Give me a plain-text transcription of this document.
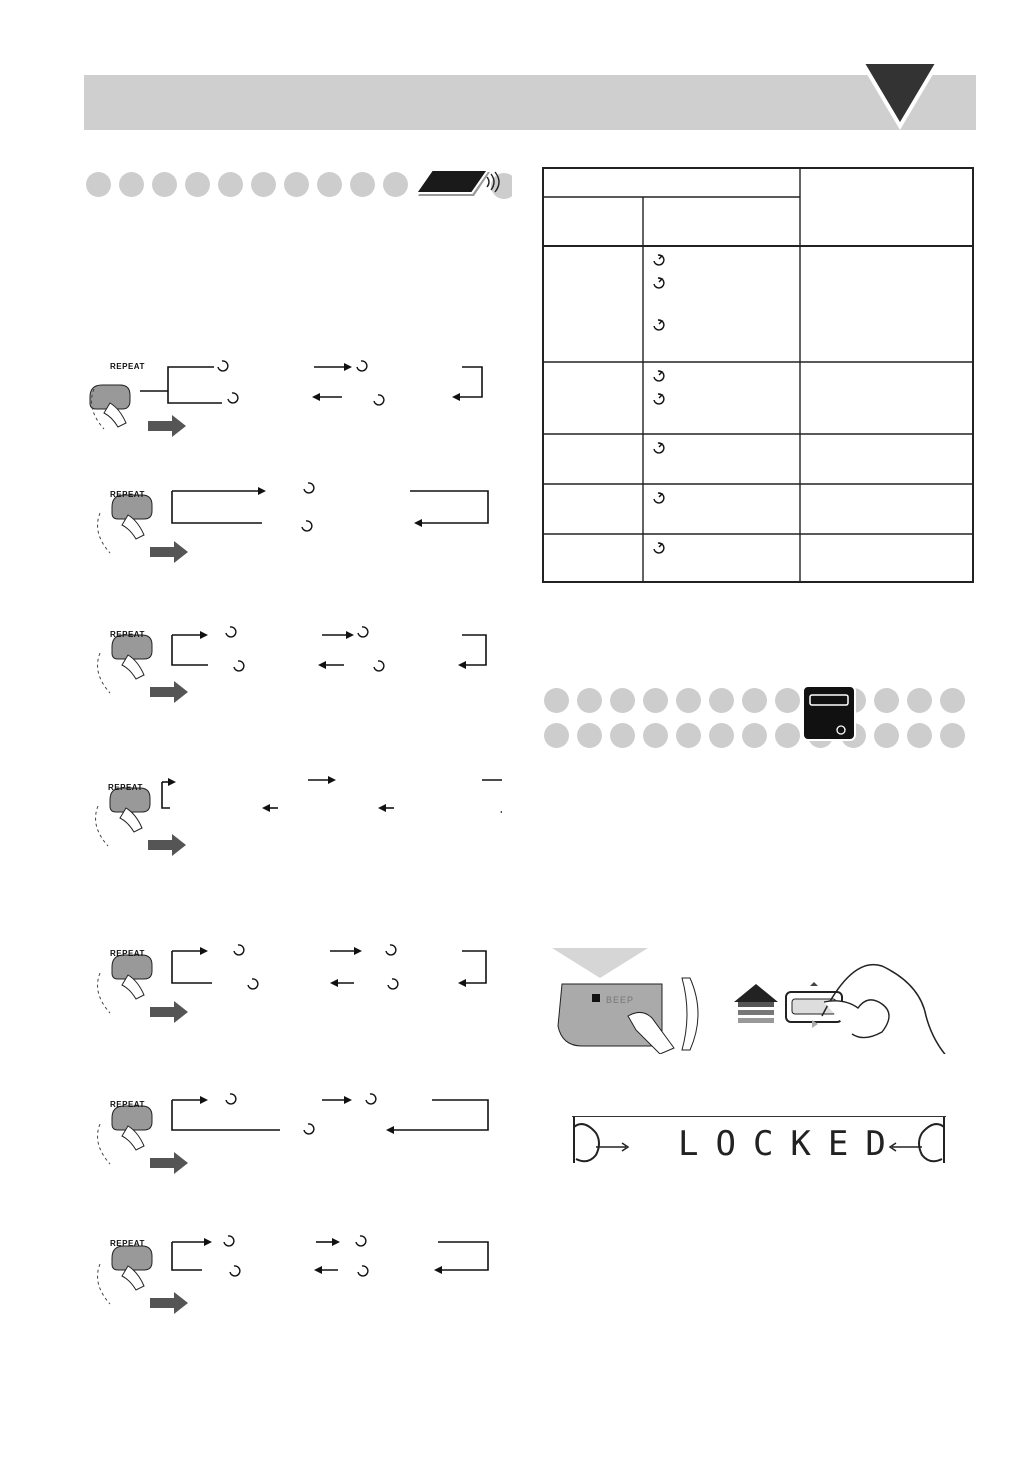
REPEAT
REPEAT
REPEAT
REPEAT
REPEAT
REPEAT
REPEAT
BEEP
LOCKED
